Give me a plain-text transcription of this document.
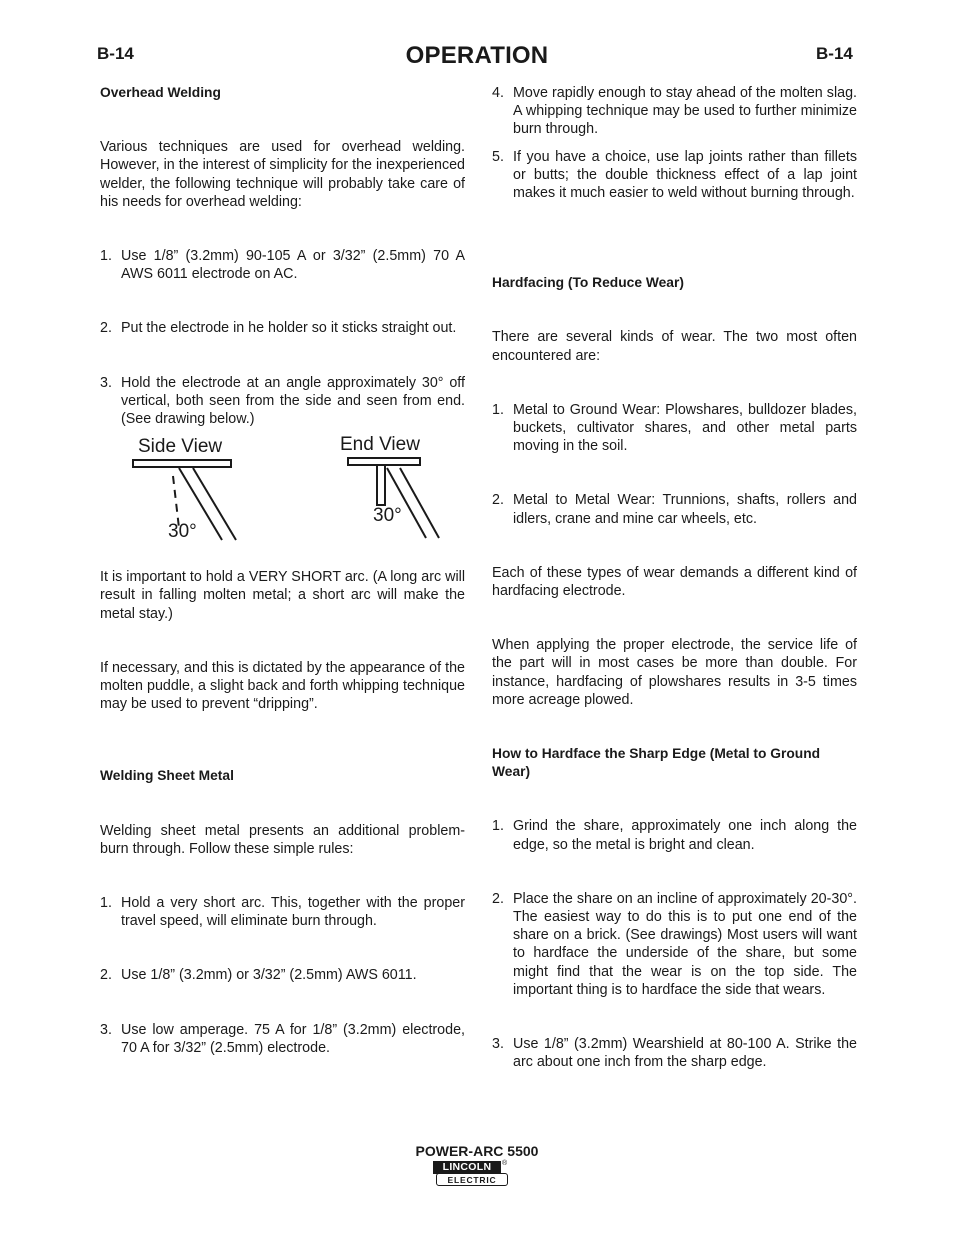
B-14	OPERATION	B-14

Overhead Welding

Various techniques are used for overhead welding. However, in the interest of simplicity for the inexperienced welder, the following technique will probably take care of his needs for overhead welding:

1. Use 1/8” (3.2mm) 90-105 A or 3/32” (2.5mm) 70 A AWS 6011 electrode on AC.
2. Put the electrode in he holder so it sticks straight out.
3. Hold the electrode at an angle approximately 30° off vertical, both seen from the side and seen from end. (See drawing below.)
Side View	End View
30°
30°

It is important to hold a VERY SHORT arc. (A long arc will result in falling molten metal; a short arc will make the metal stay.)

If necessary, and this is dictated by the appearance of the molten puddle, a slight back and forth whipping technique may be used to prevent “dripping”.

Welding Sheet Metal

Welding sheet metal presents an additional problem- burn through. Follow these simple rules:

1. Hold a very short arc. This, together with the proper travel speed, will eliminate burn through.
2. Use 1/8” (3.2mm) or 3/32” (2.5mm) AWS 6011.
3. Use low amperage. 75 A for 1/8” (3.2mm) electrode, 70 A for 3/32” (2.5mm) electrode.
4. Move rapidly enough to stay ahead of the molten slag. A whipping technique may be used to further minimize burn through.
5. If you have a choice, use lap joints rather than fillets or butts; the double thickness effect of a lap joint makes it much easier to weld without burning through.

Hardfacing (To Reduce Wear)

There are several kinds of wear. The two most often encountered are:

1. Metal to Ground Wear: Plowshares, bulldozer blades, buckets, cultivator shares, and other metal parts moving in the soil.
2. Metal to Metal Wear: Trunnions, shafts, rollers and idlers, crane and mine car wheels, etc.

Each of these types of wear demands a different kind of hardfacing electrode.

When applying the proper electrode, the service life of the part will in most cases be more than double. For instance, hardfacing of plowshares results in 3-5 times more acreage plowed.

How to Hardface the Sharp Edge (Metal to Ground Wear)

1. Grind the share, approximately one inch along the edge, so the metal is bright and clean.
2. Place the share on an incline of approximately 20-30°. The easiest way to do this is to put one end of the share on a brick. (See drawings) Most users will want to hardface the underside of the share, but some might find that the wear is on the top side. The important thing is to hardface the side that wears.
3. Use 1/8” (3.2mm) Wearshield at 80-100 A. Strike the arc about one inch from the sharp edge.
POWER-ARC 5500
LINCOLN	®
ELECTRIC
